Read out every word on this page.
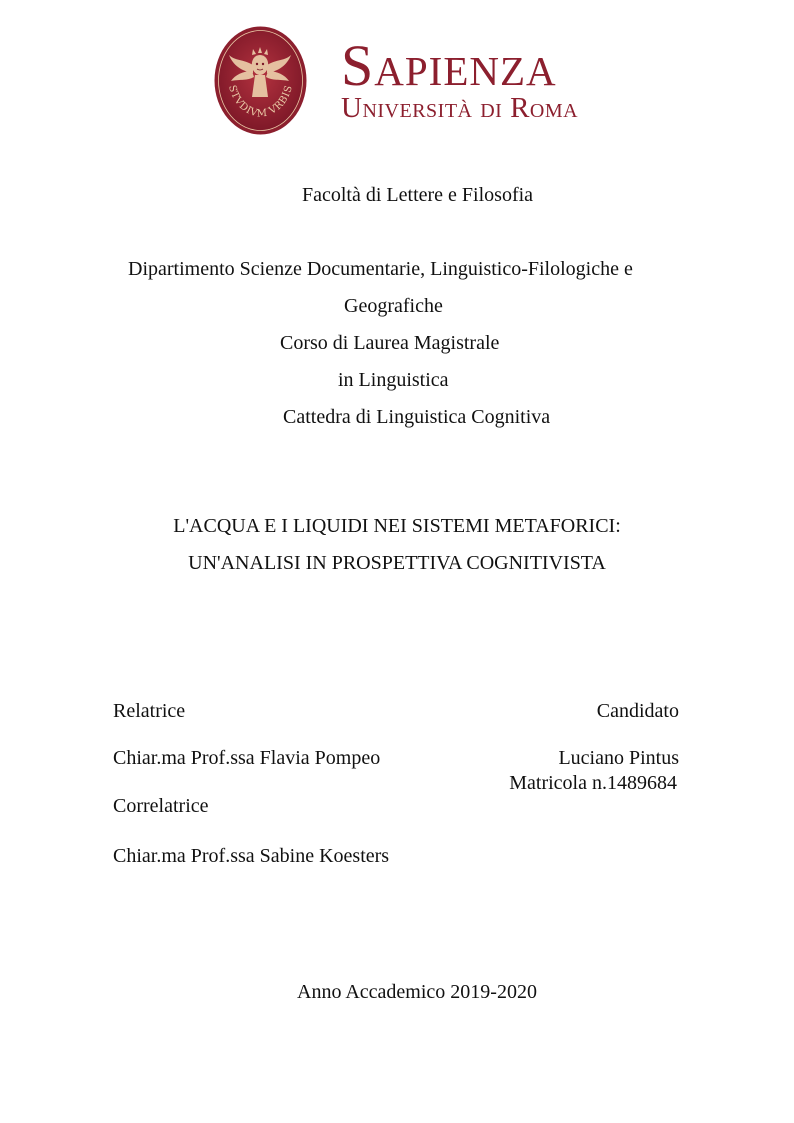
STVDIVM VRBIS Sapienza
Università di Roma
Facoltà di Lettere e Filosofia
Dipartimento Scienze Documentarie, Linguistico-Filologiche e
Geografiche
Corso di Laurea Magistrale
in Linguistica
Cattedra di Linguistica Cognitiva
L'ACQUA E I LIQUIDI NEI SISTEMI METAFORICI:
UN'ANALISI IN PROSPETTIVA COGNITIVISTA
Relatrice
Chiar.ma Prof.ssa Flavia Pompeo
Correlatrice
Chiar.ma Prof.ssa Sabine Koesters
Candidato
Luciano Pintus
Matricola n.1489684
Anno Accademico 2019-2020
